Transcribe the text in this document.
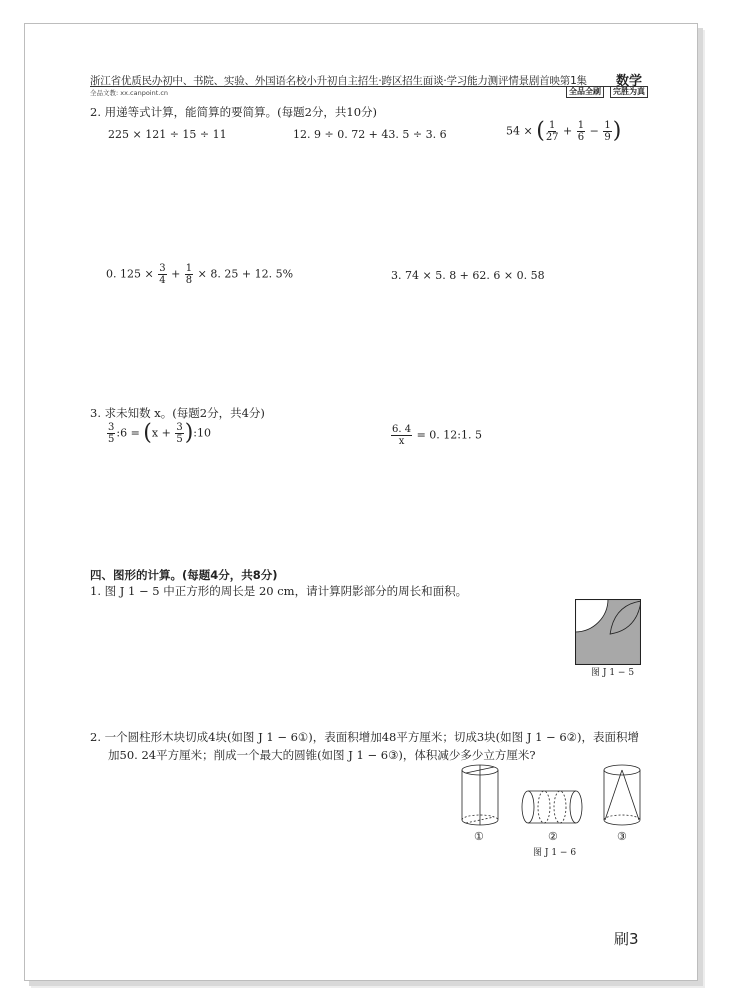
浙江省优质民办初中、书院、实验、外国语名校小升初自主招生·跨区招生面谈·学习能力测评情景剧首映第1集
全品文教: xx.canpoint.cn
数学
全品全刷	完胜为真
2. 用递等式计算，能简算的要简算。(每题2分，共10分)
225 × 121 ÷ 15 ÷ 11	12. 9 ÷ 0. 72 + 43. 5 ÷ 3. 6	54 × ( $\frac{1}{27} + \frac{1}{6} - \frac{1}{9}$ )
0. $125 \times \frac{3}{4} + \frac{1}{8} \times 8$. 25 + 12. 5%	3. 74 × 5. 8 + 62. 6 × 0. 58
3. 求未知数 x。(每题2分，共4分)
$\frac{3}{5}$ :6 = ($x + \frac{3}{5}$ ):10	$\frac{6. 4}{x} = 0$. 12:1. 5
四、图形的计算。(每题4分，共8分)
1. 图 J 1 − 5 中正方形的周长是 20 cm，请计算阴影部分的周长和面积。
图 J 1 − 5
2. 一个圆柱形木块切成4块(如图 J 1 − 6①)，表面积增加48平方厘米；切成3块(如图 J 1 − 6②)，表面积增
加50. 24平方厘米；削成一个最大的圆锥(如图 J 1 − 6③)，体积减少多少立方厘米?
①	②	③
图 J 1 − 6
刷3
